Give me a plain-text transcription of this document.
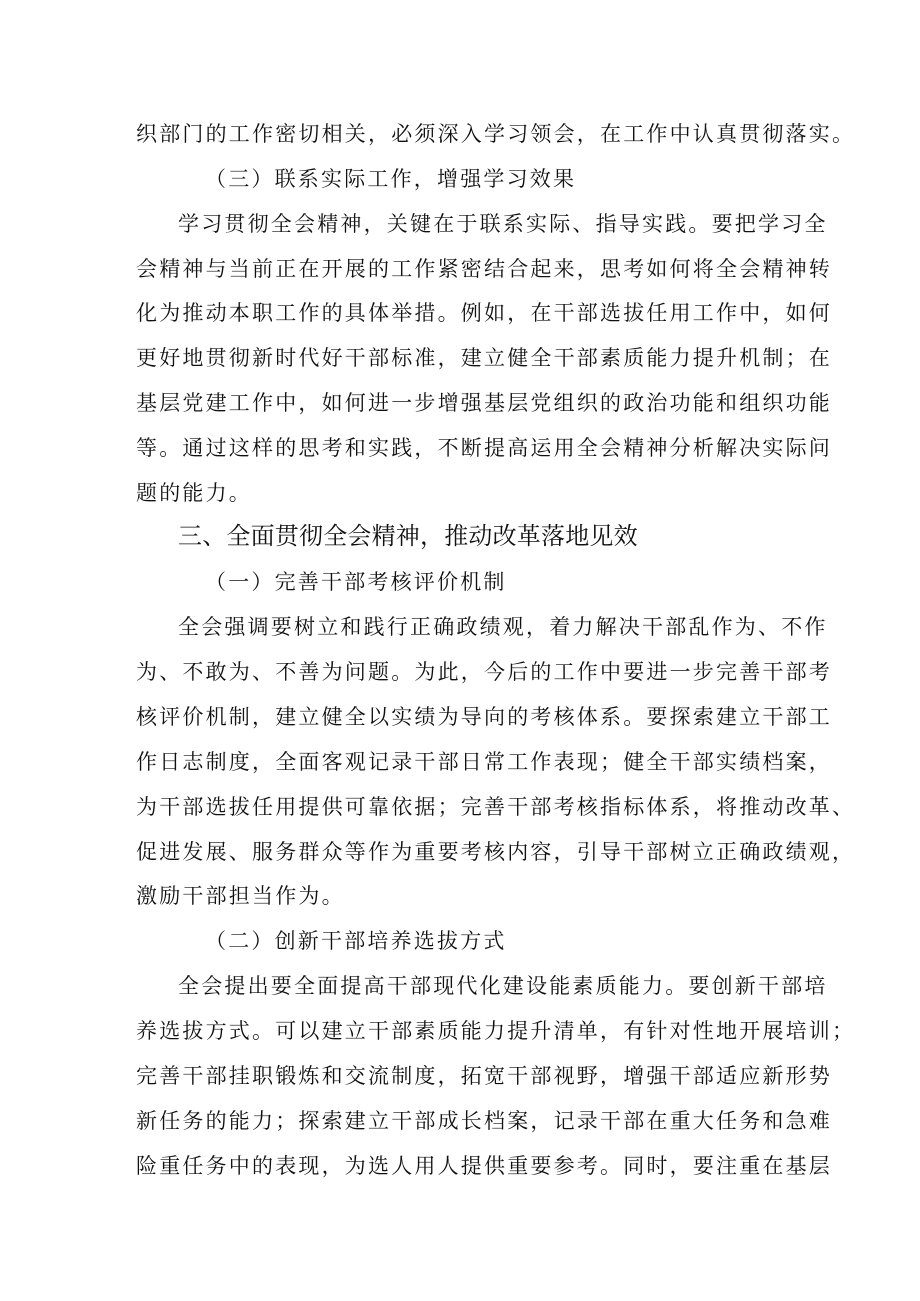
织部门的工作密切相关，必须深入学习领会，在工作中认真贯彻落实。
（三）联系实际工作，增强学习效果
学习贯彻全会精神，关键在于联系实际、指导实践。要把学习全
会精神与当前正在开展的工作紧密结合起来，思考如何将全会精神转
化为推动本职工作的具体举措。例如，在干部选拔任用工作中，如何
更好地贯彻新时代好干部标准，建立健全干部素质能力提升机制；在
基层党建工作中，如何进一步增强基层党组织的政治功能和组织功能
等。通过这样的思考和实践，不断提高运用全会精神分析解决实际问
题的能力。
三、全面贯彻全会精神，推动改革落地见效
（一）完善干部考核评价机制
全会强调要树立和践行正确政绩观，着力解决干部乱作为、不作
为、不敢为、不善为问题。为此，今后的工作中要进一步完善干部考
核评价机制，建立健全以实绩为导向的考核体系。要探索建立干部工
作日志制度，全面客观记录干部日常工作表现；健全干部实绩档案，
为干部选拔任用提供可靠依据；完善干部考核指标体系，将推动改革、
促进发展、服务群众等作为重要考核内容，引导干部树立正确政绩观，
激励干部担当作为。
（二）创新干部培养选拔方式
全会提出要全面提高干部现代化建设能素质能力。要创新干部培
养选拔方式。可以建立干部素质能力提升清单，有针对性地开展培训；
完善干部挂职锻炼和交流制度，拓宽干部视野，增强干部适应新形势
新任务的能力；探索建立干部成长档案，记录干部在重大任务和急难
险重任务中的表现，为选人用人提供重要参考。同时，要注重在基层
